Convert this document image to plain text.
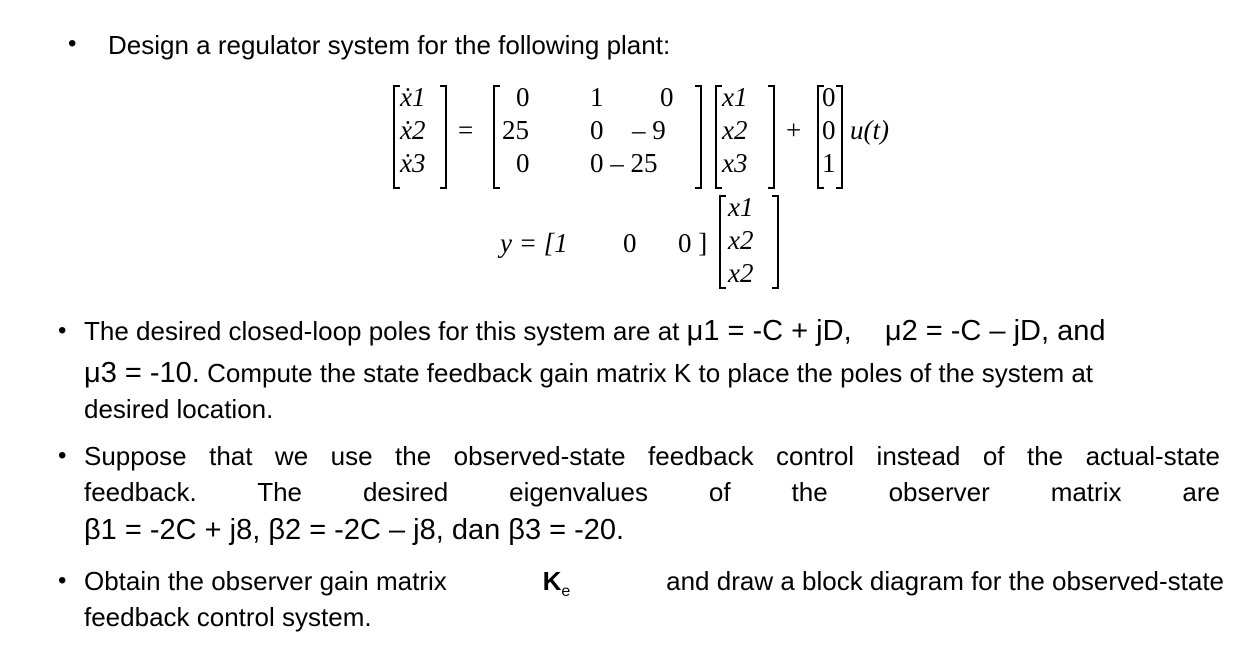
• Design a regulator system for the following plant:
ẋ1
ẋ2
ẋ3
=
0 1 0
25 0 – 9
0 0 – 25
x1
x2
x3
+
0
0
1
u(t)
y = [1 0 0 ]
x1
x2
x2
• The desired closed-loop poles for this system are at μ1 = -C + jD, μ2 = -C – jD, and
μ3 = -10. Compute the state feedback gain matrix K to place the poles of the system at
desired location.
• Suppose that we use the observed-state feedback control instead of the actual-state
feedback. The desired eigenvalues of the observer matrix are
β1 = -2C + j8, β2 = -2C – j8, dan β3 = -20.
• Obtain the observer gain matrix	$K_e$	and draw a block diagram for the observed-state
feedback control system.
